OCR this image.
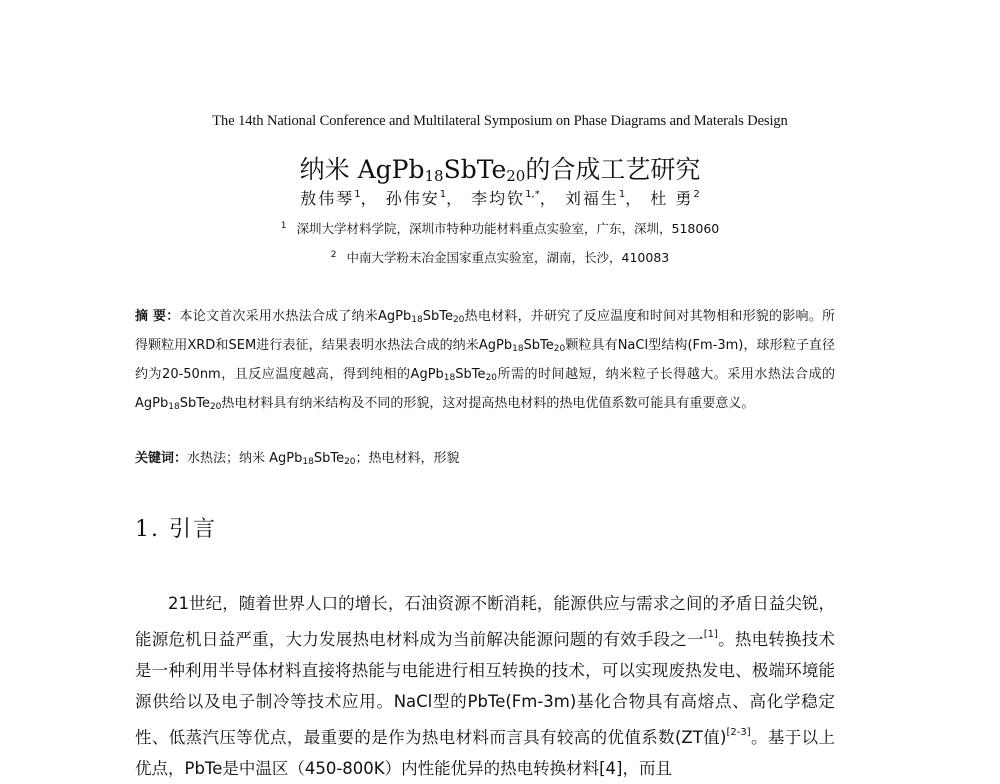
The 14th National Conference and Multilateral Symposium on Phase Diagrams and Materals Design
纳米 AgPb$_{18}$SbTe$_{20}$的合成工艺研究
敖伟琴$^1$， 孙伟安$^1$， 李均钦$^{1,*}$， 刘福生$^1$， 杜 勇$^2$
$^1$ 深圳大学材料学院，深圳市特种功能材料重点实验室，广东，深圳，518060
$^2$ 中南大学粉末冶金国家重点实验室，湖南，长沙，410083
摘 要：本论文首次采用水热法合成了纳米AgPb$_{18}$SbTe$_{20}$热电材料，并研究了反应温度和时间对其物相和形貌的影响。所得颗粒用XRD和SEM进行表征，结果表明水热法合成的纳米AgPb$_{18}$SbTe$_{20}$颗粒具有NaCl型结构(Fm-3m)，球形粒子直径约为20-50nm，且反应温度越高，得到纯相的AgPb$_{18}$SbTe$_{20}$所需的时间越短，纳米粒子长得越大。采用水热法合成的AgPb$_{18}$SbTe$_{20}$热电材料具有纳米结构及不同的形貌，这对提高热电材料的热电优值系数可能具有重要意义。
关键词：水热法；纳米 AgPb$_{18}$SbTe$_{20}$；热电材料，形貌
1. 引言

21世纪，随着世界人口的增长，石油资源不断消耗，能源供应与需求之间的矛盾日益尖锐，能源危机日益严重，大力发展热电材料成为当前解决能源问题的有效手段之一[1]。热电转换技术是一种利用半导体材料直接将热能与电能进行相互转换的技术，可以实现废热发电、极端环境能源供给以及电子制冷等技术应用。NaCl型的PbTe(Fm-3m)基化合物具有高熔点、高化学稳定性、低蒸汽压等优点，最重要的是作为热电材料而言具有较高的优值系数(ZT值)[2-3]。基于以上优点，PbTe是中温区（450-800K）内性能优异的热电转换材料[4]，而且
